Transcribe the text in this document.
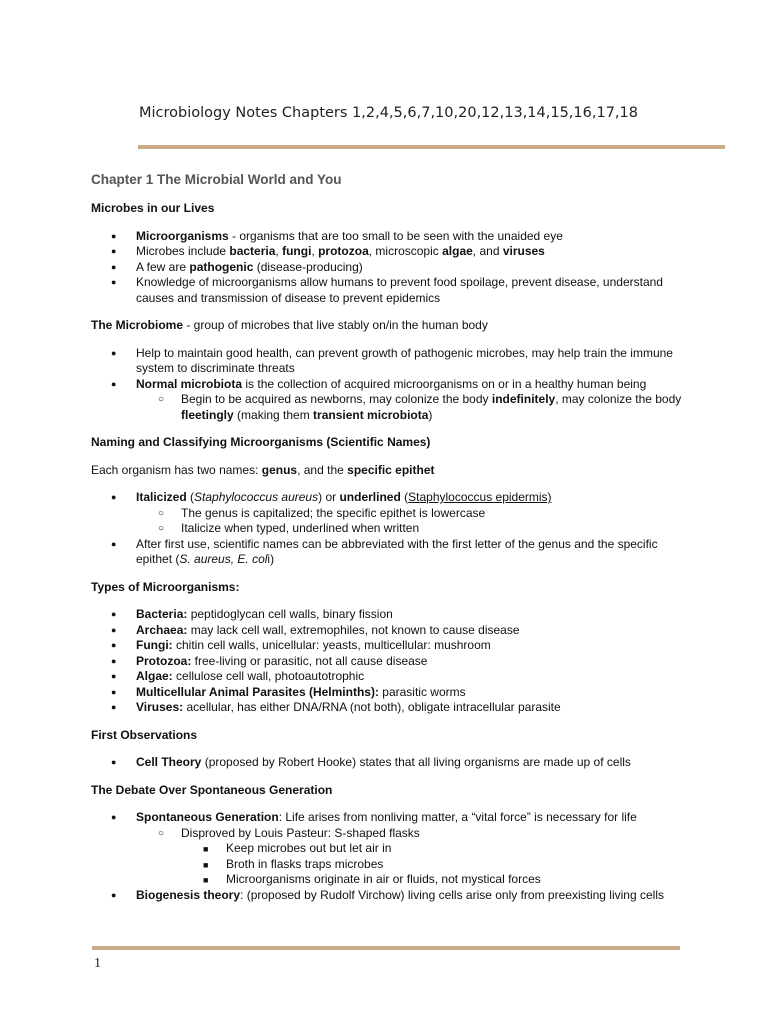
Microbiology Notes Chapters 1,2,4,5,6,7,10,20,12,13,14,15,16,17,18
Chapter 1 The Microbial World and You
Microbes in our Lives
● Microorganisms - organisms that are too small to be seen with the unaided eye
● Microbes include bacteria, fungi, protozoa, microscopic algae, and viruses
● A few are pathogenic (disease-producing)
● Knowledge of microorganisms allow humans to prevent food spoilage, prevent disease, understand causes and transmission of disease to prevent epidemics

The Microbiome - group of microbes that live stably on/in the human body

● Help to maintain good health, can prevent growth of pathogenic microbes, may help train the immune system to discriminate threats
● Normal microbiota is the collection of acquired microorganisms on or in a healthy human being
○ Begin to be acquired as newborns, may colonize the body indefinitely, may colonize the body fleetingly (making them transient microbiota)
Naming and Classifying Microorganisms (Scientific Names)

Each organism has two names: genus, and the specific epithet

● Italicized (Staphylococcus aureus) or underlined (Staphylococcus epidermis)
○ The genus is capitalized; the specific epithet is lowercase
○ Italicize when typed, underlined when written
● After first use, scientific names can be abbreviated with the first letter of the genus and the specific epithet (S. aureus, E. coli)
Types of Microorganisms:
● Bacteria: peptidoglycan cell walls, binary fission
● Archaea: may lack cell wall, extremophiles, not known to cause disease
● Fungi: chitin cell walls, unicellular: yeasts, multicellular: mushroom
● Protozoa: free-living or parasitic, not all cause disease
● Algae: cellulose cell wall, photoautotrophic
● Multicellular Animal Parasites (Helminths): parasitic worms
● Viruses: acellular, has either DNA/RNA (not both), obligate intracellular parasite
First Observations
● Cell Theory (proposed by Robert Hooke) states that all living organisms are made up of cells
The Debate Over Spontaneous Generation
● Spontaneous Generation: Life arises from nonliving matter, a “vital force” is necessary for life
○ Disproved by Louis Pasteur: S-shaped flasks
■ Keep microbes out but let air in
■ Broth in flasks traps microbes
■ Microorganisms originate in air or fluids, not mystical forces
● Biogenesis theory: (proposed by Rudolf Virchow) living cells arise only from preexisting living cells
1
